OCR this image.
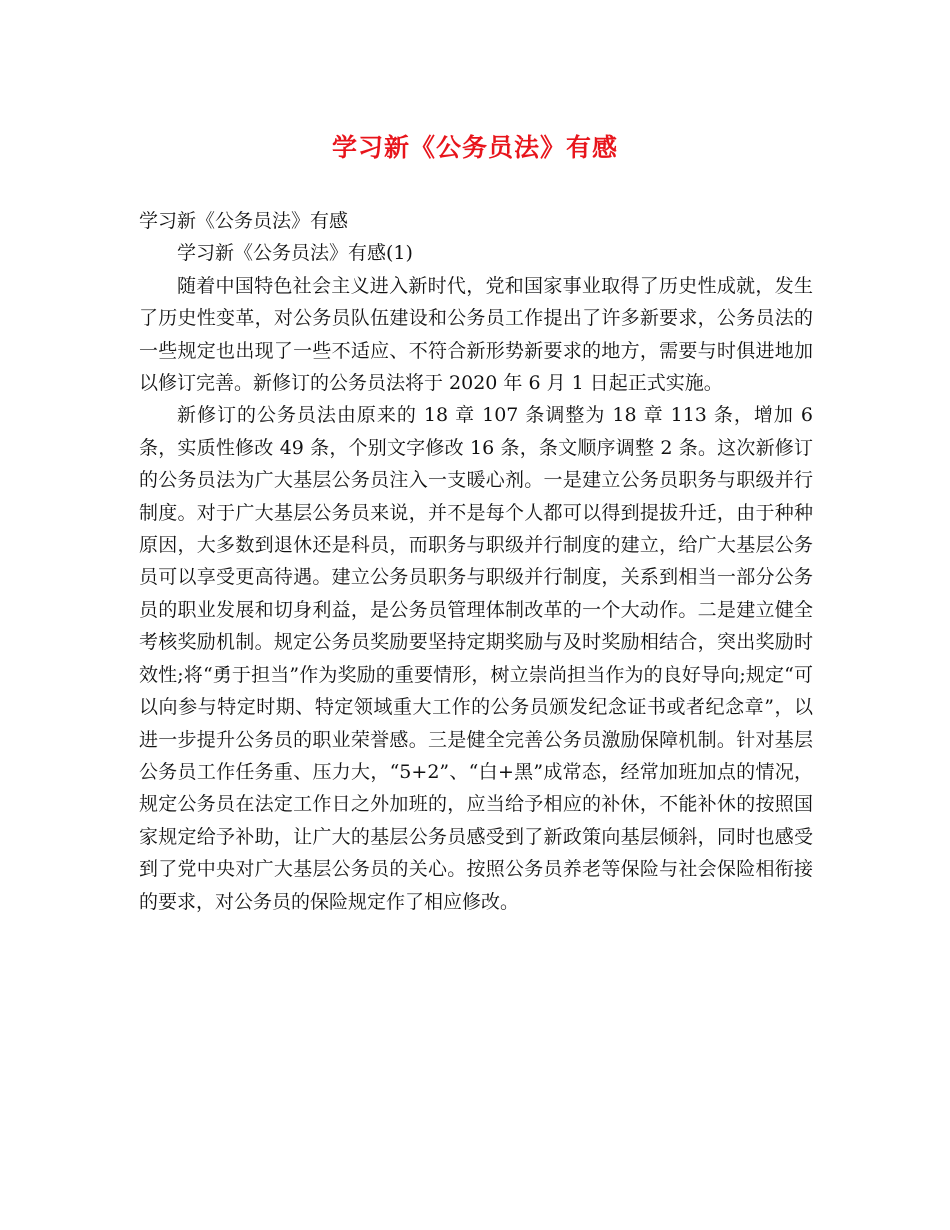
学习新《公务员法》有感

学习新《公务员法》有感

学习新《公务员法》有感(1)

随着中国特色社会主义进入新时代，党和国家事业取得了历史性成就，发生了历史性变革，对公务员队伍建设和公务员工作提出了许多新要求，公务员法的一些规定也出现了一些不适应、不符合新形势新要求的地方，需要与时俱进地加以修订完善。新修订的公务员法将于 2020 年 6 月 1 日起正式实施。

新修订的公务员法由原来的 18 章 107 条调整为 18 章 113 条，增加 6 条，实质性修改 49 条，个别文字修改 16 条，条文顺序调整 2 条。这次新修订的公务员法为广大基层公务员注入一支暖心剂。一是建立公务员职务与职级并行制度。对于广大基层公务员来说，并不是每个人都可以得到提拔升迁，由于种种原因，大多数到退休还是科员，而职务与职级并行制度的建立，给广大基层公务员可以享受更高待遇。建立公务员职务与职级并行制度，关系到相当一部分公务员的职业发展和切身利益，是公务员管理体制改革的一个大动作。二是建立健全考核奖励机制。规定公务员奖励要坚持定期奖励与及时奖励相结合，突出奖励时效性;将“勇于担当”作为奖励的重要情形，树立崇尚担当作为的良好导向;规定“可以向参与特定时期、特定领域重大工作的公务员颁发纪念证书或者纪念章”，以进一步提升公务员的职业荣誉感。三是健全完善公务员激励保障机制。针对基层公务员工作任务重、压力大，“5+2”、“白+黑”成常态，经常加班加点的情况，规定公务员在法定工作日之外加班的，应当给予相应的补休，不能补休的按照国家规定给予补助，让广大的基层公务员感受到了新政策向基层倾斜，同时也感受到了党中央对广大基层公务员的关心。按照公务员养老等保险与社会保险相衔接的要求，对公务员的保险规定作了相应修改。
